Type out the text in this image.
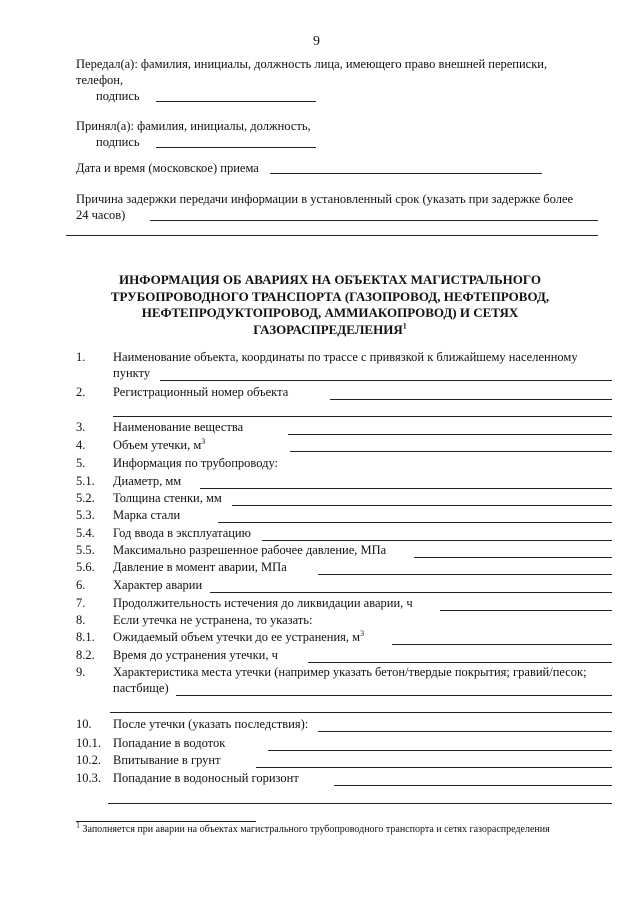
9
Передал(а): фамилия, инициалы, должность лица, имеющего право внешней переписки,
телефон,
подпись
Принял(а): фамилия, инициалы, должность,
подпись
Дата и время (московское) приема
Причина задержки передачи информации в установленный срок (указать при задержке более
24 часов)
ИНФОРМАЦИЯ ОБ АВАРИЯХ НА ОБЪЕКТАХ МАГИСТРАЛЬНОГО
ТРУБОПРОВОДНОГО ТРАНСПОРТА (ГАЗОПРОВОД, НЕФТЕПРОВОД,
НЕФТЕПРОДУКТОПРОВОД, АММИАКОПРОВОД) И СЕТЯХ
ГАЗОРАСПРЕДЕЛЕНИЯ$^1$
1. Наименование объекта, координаты по трассе с привязкой к ближайшему населенному
пункту
2. Регистрационный номер объекта
3. Наименование вещества
4. Объем утечки, $м^3$
5. Информация по трубопроводу:
5.1. Диаметр, мм
5.2. Толщина стенки, мм
5.3. Марка стали
5.4. Год ввода в эксплуатацию
5.5. Максимально разрешенное рабочее давление, МПа
5.6. Давление в момент аварии, МПа
6. Характер аварии
7. Продолжительность истечения до ликвидации аварии, ч
8. Если утечка не устранена, то указать:
8.1. Ожидаемый объем утечки до ее устранения, $м^3$
8.2. Время до устранения утечки, ч
9. Характеристика места утечки (например указать бетон/твердые покрытия; гравий/песок;
пастбище)
10. После утечки (указать последствия):
10.1. Попадание в водоток
10.2. Впитывание в грунт
10.3. Попадание в водоносный горизонт
$^1$ Заполняется при аварии на объектах магистрального трубопроводного транспорта и сетях газораспределения
